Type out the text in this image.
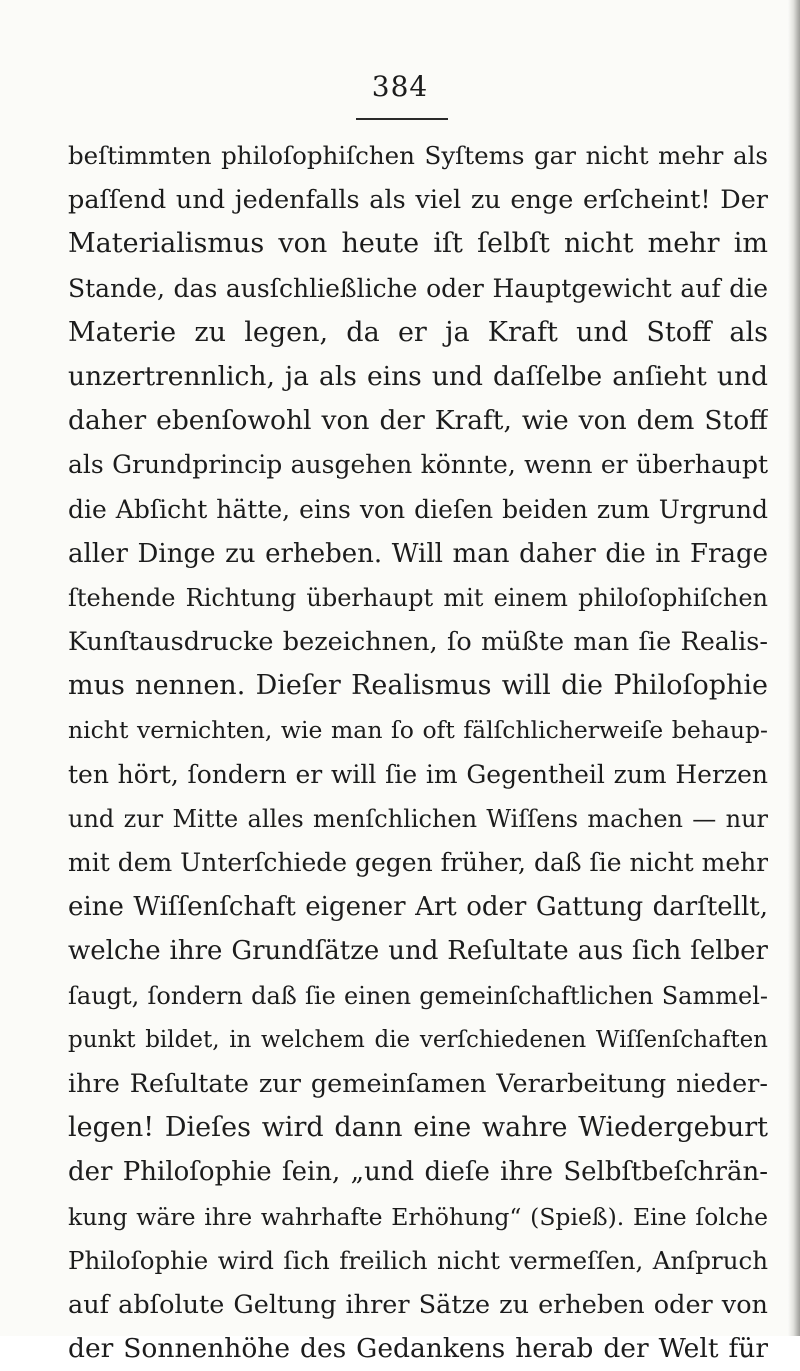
384
beſtimmten philoſophiſchen Syſtems gar nicht mehr als
paſſend und jedenfalls als viel zu enge erſcheint! Der
Materialismus von heute iſt ſelbſt nicht mehr im
Stande, das ausſchließliche oder Hauptgewicht auf die
Materie zu legen, da er ja Kraft und Stoff als
unzertrennlich, ja als eins und daſſelbe anſieht und
daher ebenſowohl von der Kraft, wie von dem Stoff
als Grundprincip ausgehen könnte, wenn er überhaupt
die Abſicht hätte, eins von dieſen beiden zum Urgrund
aller Dinge zu erheben. Will man daher die in Frage
ſtehende Richtung überhaupt mit einem philoſophiſchen
Kunſtausdrucke bezeichnen, ſo müßte man ſie Realis-
mus nennen. Dieſer Realismus will die Philoſophie
nicht vernichten, wie man ſo oft fälſchlicherweiſe behaup-
ten hört, ſondern er will ſie im Gegentheil zum Herzen
und zur Mitte alles menſchlichen Wiſſens machen — nur
mit dem Unterſchiede gegen früher, daß ſie nicht mehr
eine Wiſſenſchaft eigener Art oder Gattung darſtellt,
welche ihre Grundſätze und Reſultate aus ſich ſelber
ſaugt, ſondern daß ſie einen gemeinſchaftlichen Sammel-
punkt bildet, in welchem die verſchiedenen Wiſſenſchaften
ihre Reſultate zur gemeinſamen Verarbeitung nieder-
legen! Dieſes wird dann eine wahre Wiedergeburt
der Philoſophie ſein, „und dieſe ihre Selbſtbeſchrän-
kung wäre ihre wahrhafte Erhöhung“ (Spieß). Eine ſolche
Philoſophie wird ſich freilich nicht vermeſſen, Anſpruch
auf abſolute Geltung ihrer Sätze zu erheben oder von
der Sonnenhöhe des Gedankens herab der Welt für
